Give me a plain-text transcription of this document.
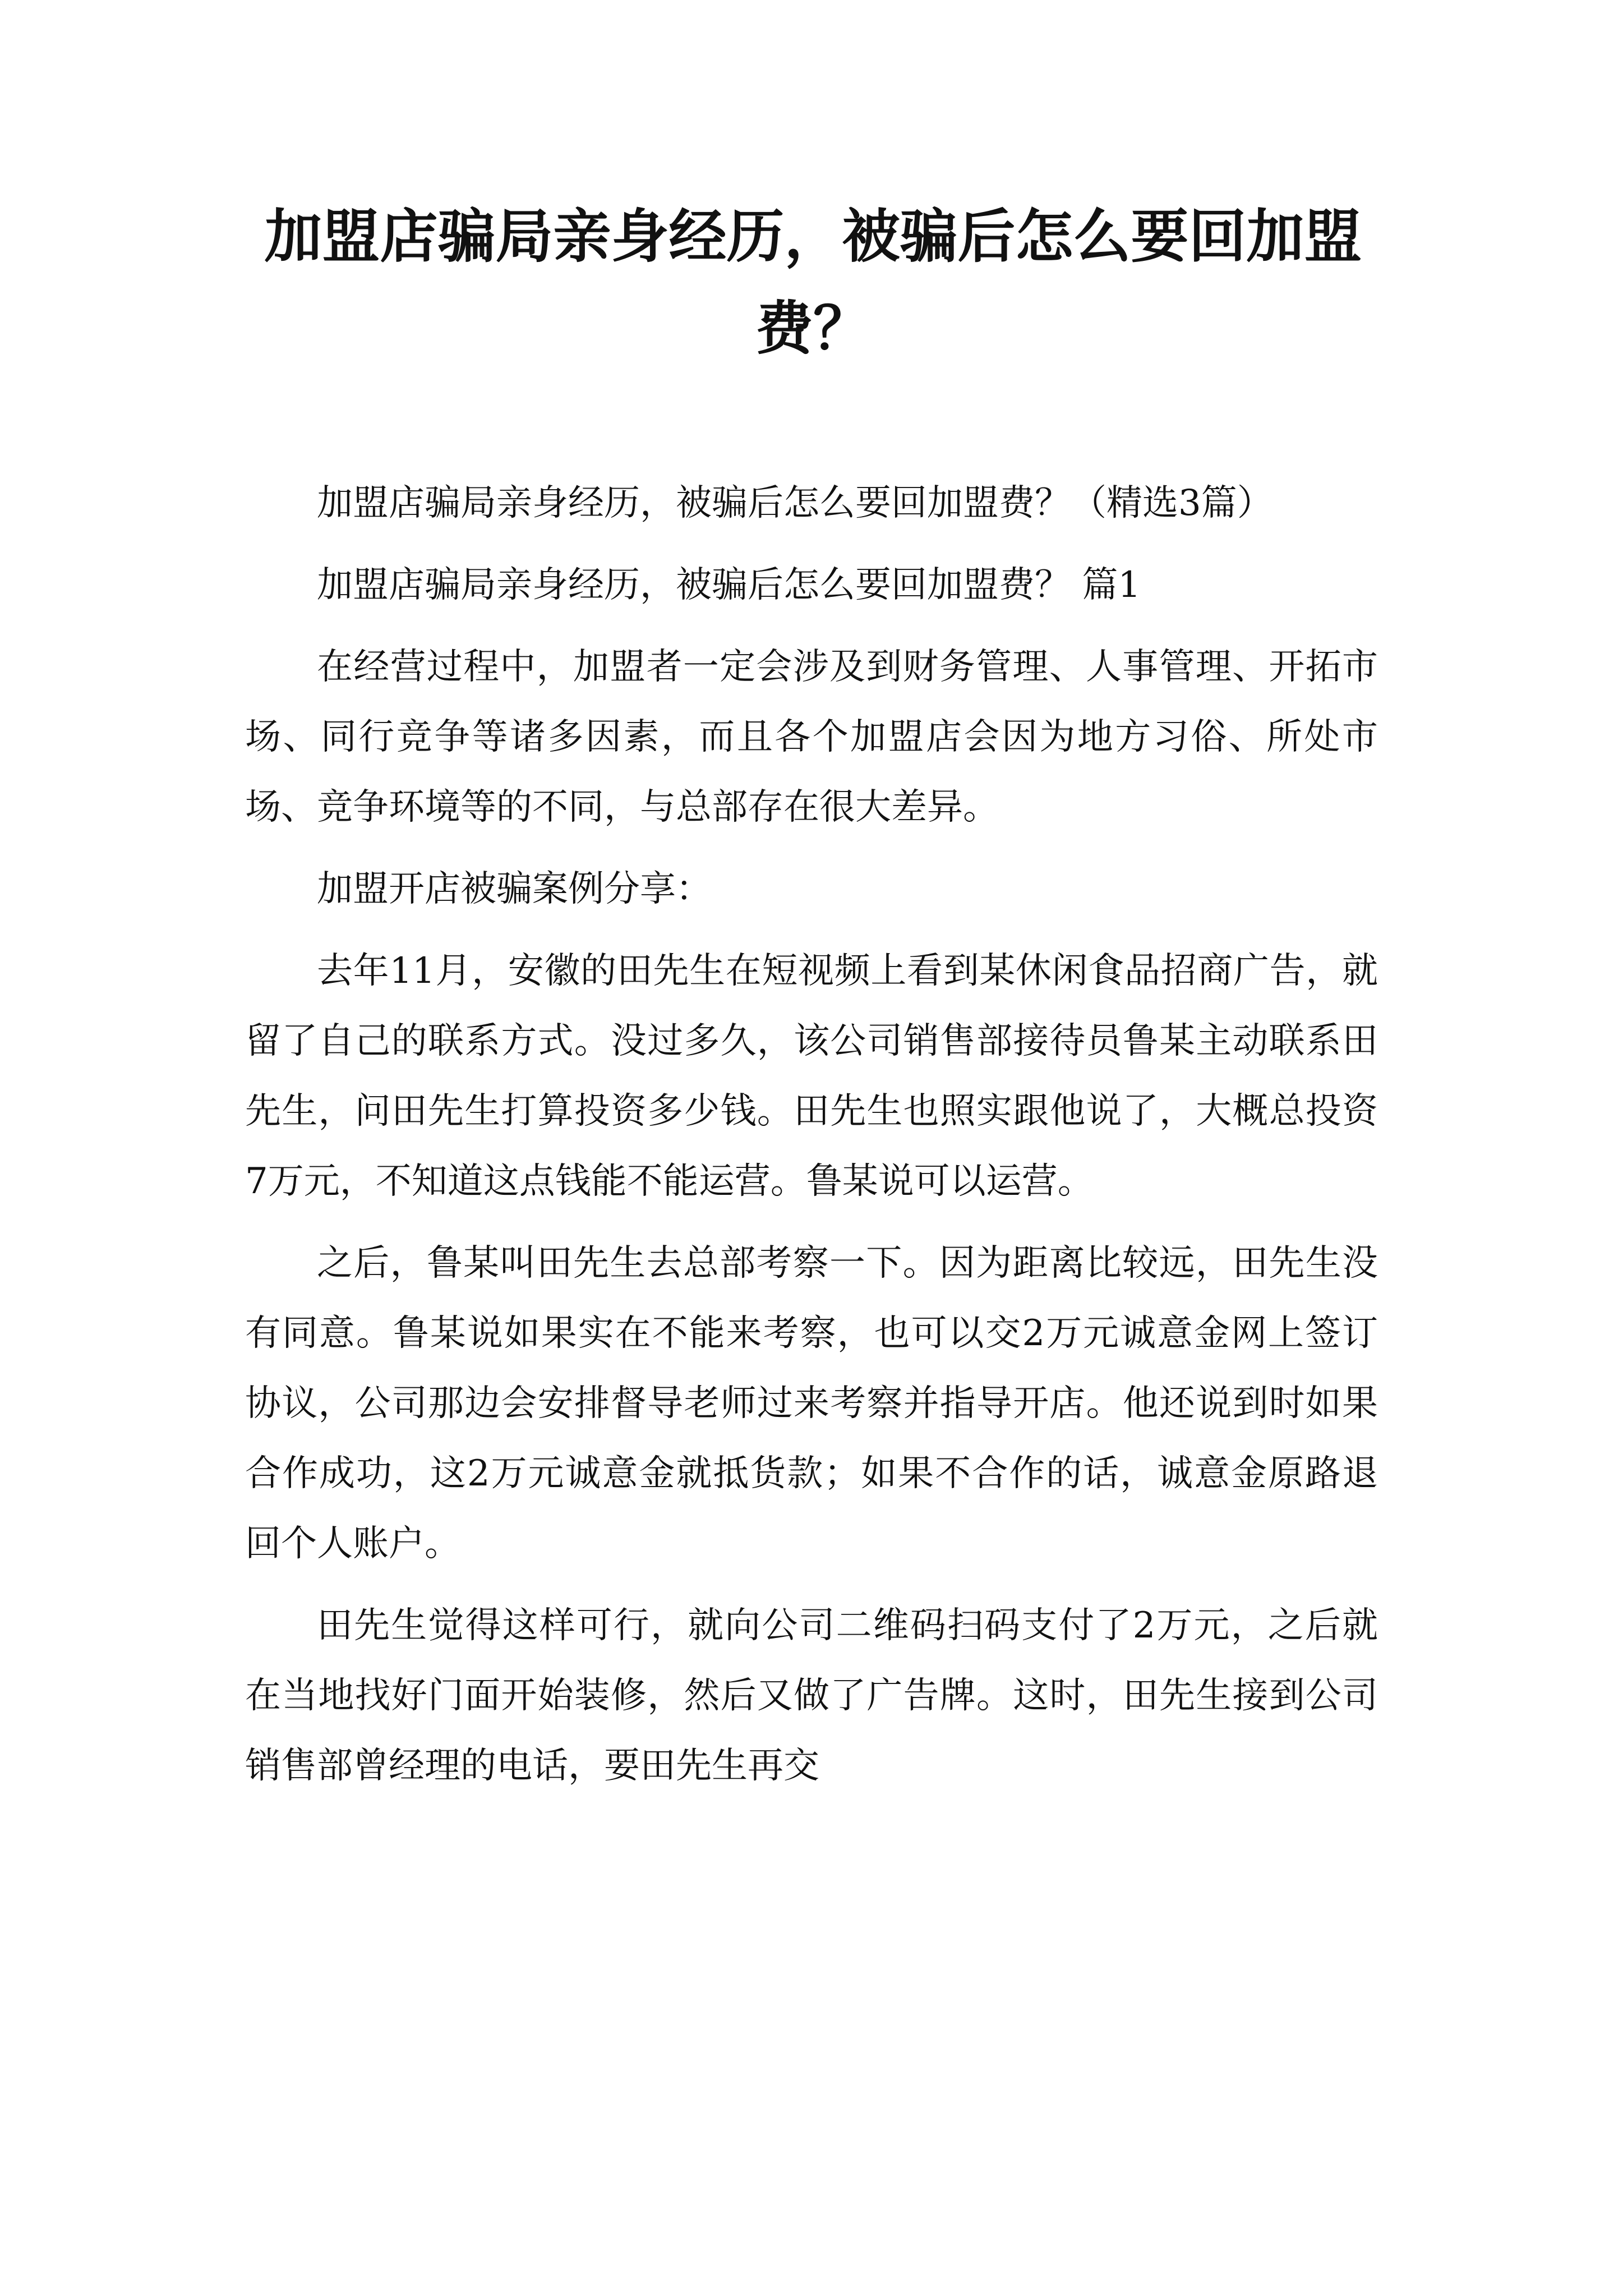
加盟店骗局亲身经历，被骗后怎么要回加盟费？

加盟店骗局亲身经历，被骗后怎么要回加盟费？（精选3篇）

加盟店骗局亲身经历，被骗后怎么要回加盟费？ 篇1

在经营过程中，加盟者一定会涉及到财务管理、人事管理、开拓市场、同行竞争等诸多因素，而且各个加盟店会因为地方习俗、所处市场、竞争环境等的不同，与总部存在很大差异。

加盟开店被骗案例分享：

去年11月，安徽的田先生在短视频上看到某休闲食品招商广告，就留了自己的联系方式。没过多久，该公司销售部接待员鲁某主动联系田先生，问田先生打算投资多少钱。田先生也照实跟他说了，大概总投资7万元，不知道这点钱能不能运营。鲁某说可以运营。

之后，鲁某叫田先生去总部考察一下。因为距离比较远，田先生没有同意。鲁某说如果实在不能来考察，也可以交2万元诚意金网上签订协议，公司那边会安排督导老师过来考察并指导开店。他还说到时如果合作成功，这2万元诚意金就抵货款；如果不合作的话，诚意金原路退回个人账户。

田先生觉得这样可行，就向公司二维码扫码支付了2万元，之后就在当地找好门面开始装修，然后又做了广告牌。这时，田先生接到公司销售部曾经理的电话，要田先生再交
